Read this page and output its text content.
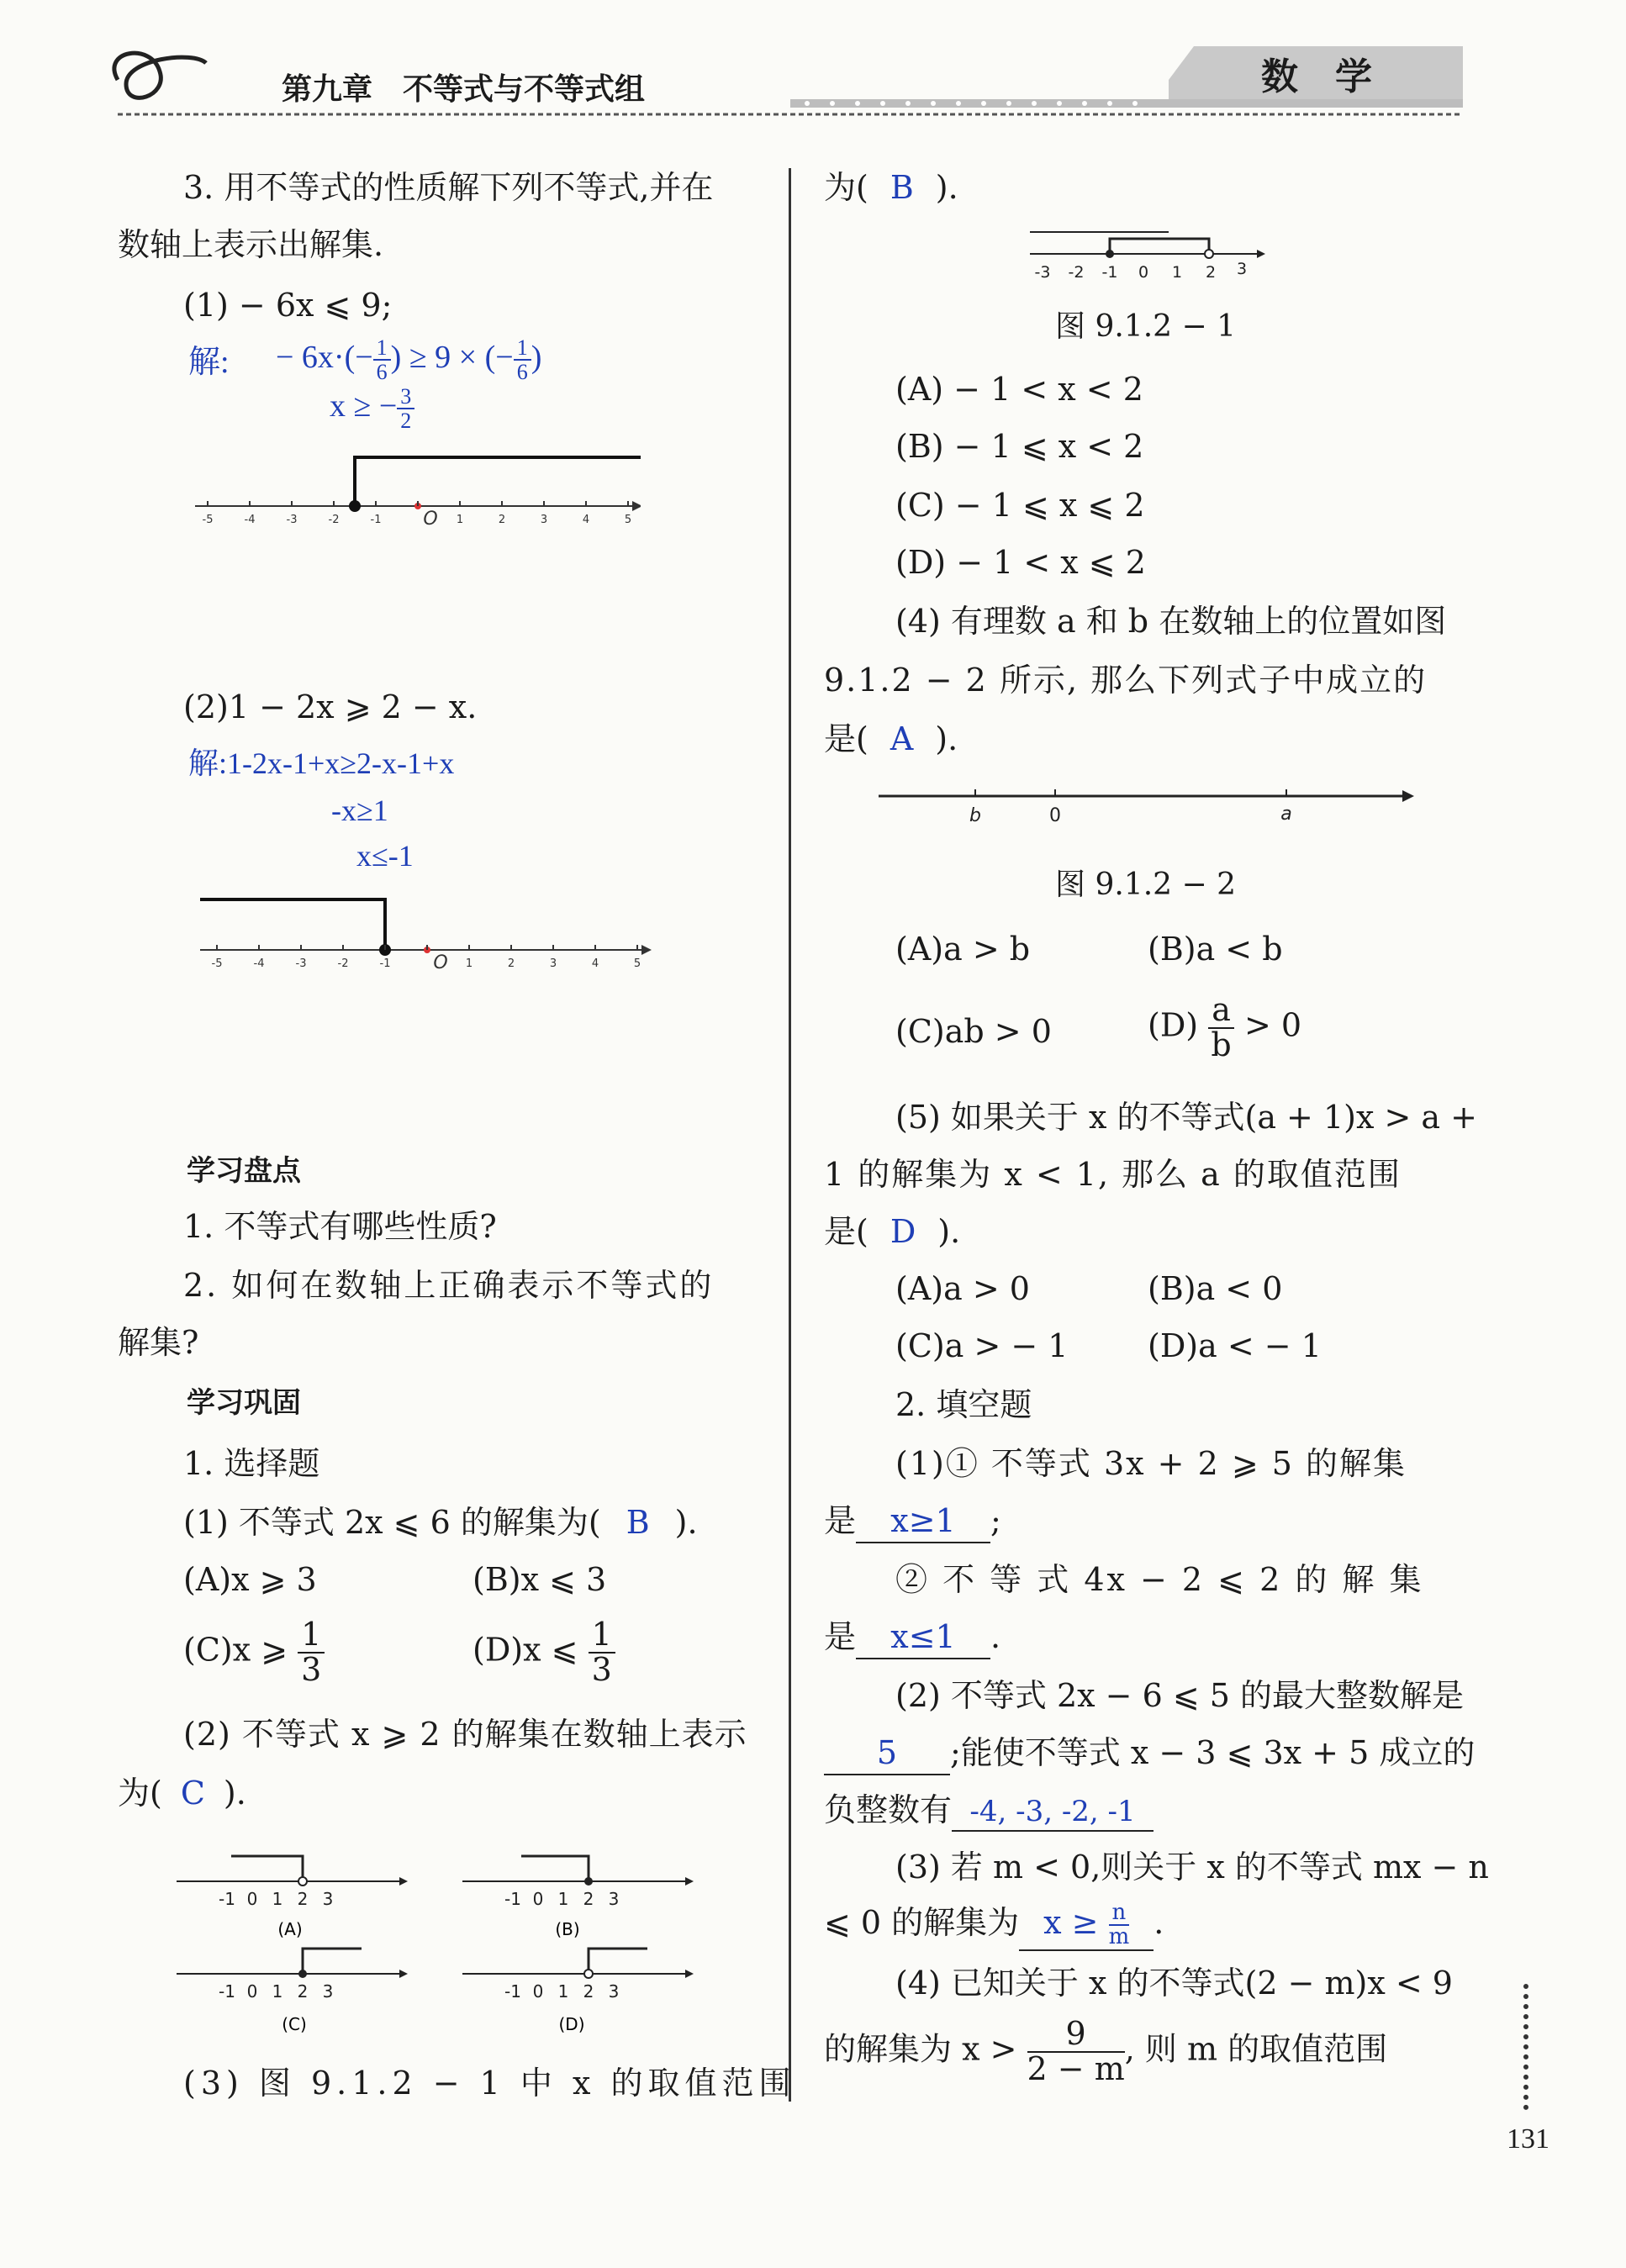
第九章　不等式与不等式组	数　学
3. 用不等式的性质解下列不等式,并在
数轴上表示出解集.
(1) − 6x ⩽ 9;
解: − $6x\cdot(- \frac{1}{6}$ ) ≥ 9 × (− $\frac{1}{6}$ )
x ≥ − $\frac{3}{2}$
-5	-4	-3	-2	-1 O 1	2	3	4	5
(2)1 − 2x ⩾ 2 − x.
解:1-2x-1+x≥2-x-1+x
-x≥1
x≤-1
-5	-4	-3	-2	-1 O 1	2	3	4	5
学习盘点
1. 不等式有哪些性质?
2. 如何在数轴上正确表示不等式的
解集?
学习巩固
1. 选择题
(1) 不等式 2x ⩽ 6 的解集为( B ).
(A)x ⩾ 3	(B)x ⩽ 3
(C)x ⩾ $\frac{1}{3}$	(D)x ⩽ $\frac{1}{3}$
(2) 不等式 x ⩾ 2 的解集在数轴上表示
为( C ).
-1 0 1 2 3
(A)
-1 0 1 2 3
(B)
-1 0 1 2 3
(C)
-1 0 1 2 3
(D)
(3) 图 9.1.2 − 1 中 x 的取值范围
为( B ).
-3 -2 -1 0 1 2 3
图 9.1.2 − 1
(A) − 1 < x < 2
(B) − 1 ⩽ x < 2
(C) − 1 ⩽ x ⩽ 2
(D) − 1 < x ⩽ 2
(4) 有理数 a 和 b 在数轴上的位置如图
9.1.2 − 2 所示, 那么下列式子中成立的
是( A ).
b	0	a
图 9.1.2 − 2
(A)a > b	(B)a < b
(C)ab > 0	$(D) \frac{a}{b} > 0$
(5) 如果关于 x 的不等式(a + 1)x > a +
1 的解集为 x < 1, 那么 a 的取值范围
是( D ).
(A)a > 0	(B)a < 0
(C)a > − 1 (D)a < − 1
2. 填空题
(1)① 不等式 3x + 2 ⩾ 5 的解集
是 x≥1 ;
② 不 等 式 4x − 2 ⩽ 2 的 解 集
是 x≤1 .
(2) 不等式 2x − 6 ⩽ 5 的最大整数解是
5 ;能使不等式 x − 3 ⩽ 3x + 5 成立的
负整数有 -4, -3, -2, -1
(3) 若 m < 0,则关于 x 的不等式 mx − n
⩽ 0 的解集为 $x \ge \frac{n}{m}$ .
(4) 已知关于 x 的不等式(2 − m)x < 9
的解集为 $x > \frac{9}{2 - m}$ , 则 m 的取值范围
131
